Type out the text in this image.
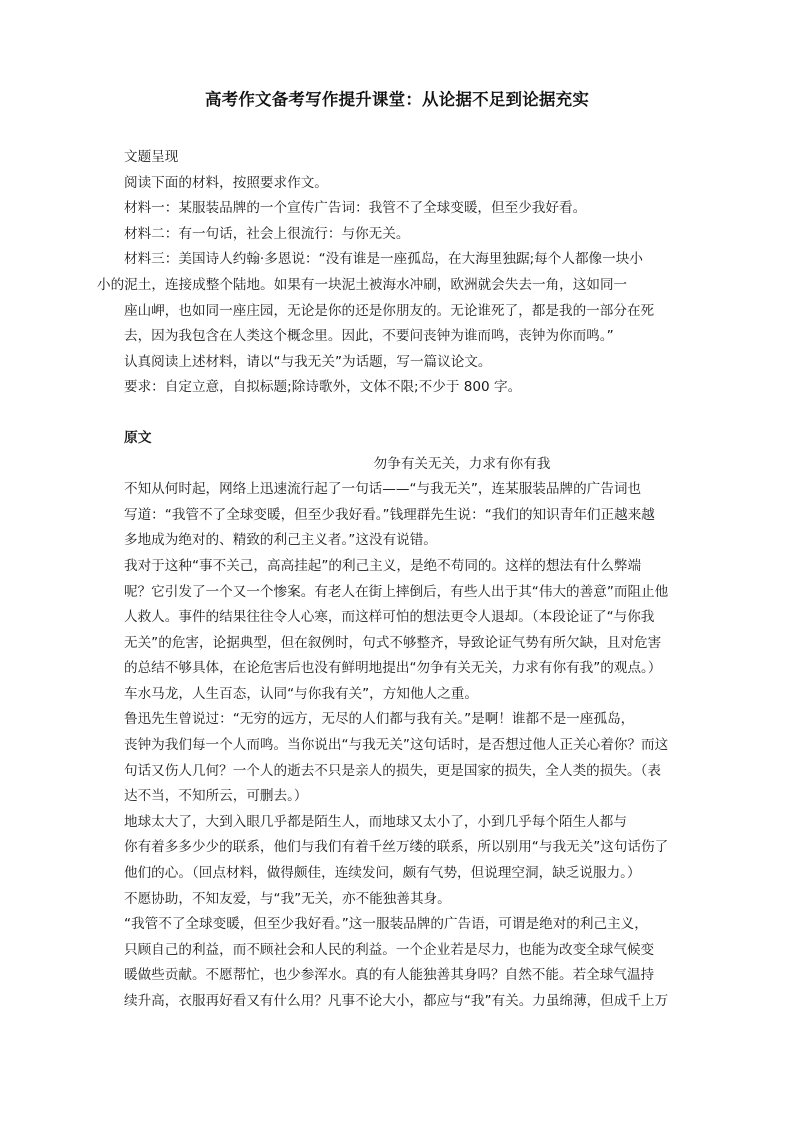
高考作文备考写作提升课堂：从论据不足到论据充实

文题呈现

阅读下面的材料，按照要求作文。

材料一：某服装品牌的一个宣传广告词：我管不了全球变暖，但至少我好看。

材料二：有一句话，社会上很流行：与你无关。

材料三：美国诗人约翰·多恩说：“没有谁是一座孤岛，在大海里独踞;每个人都像一块小

小的泥土，连接成整个陆地。如果有一块泥土被海水冲刷，欧洲就会失去一角，这如同一

座山岬，也如同一座庄园，无论是你的还是你朋友的。无论谁死了，都是我的一部分在死

去，因为我包含在人类这个概念里。因此，不要问丧钟为谁而鸣，丧钟为你而鸣。”

认真阅读上述材料，请以“与我无关”为话题，写一篇议论文。

要求：自定立意，自拟标题;除诗歌外，文体不限;不少于 800 字。

原文

勿争有关无关，力求有你有我

不知从何时起，网络上迅速流行起了一句话——“与我无关”，连某服装品牌的广告词也

写道：“我管不了全球变暖，但至少我好看。”钱理群先生说：“我们的知识青年们正越来越

多地成为绝对的、精致的利己主义者。”这没有说错。

我对于这种“事不关己，高高挂起”的利己主义，是绝不苟同的。这样的想法有什么弊端

呢？它引发了一个又一个惨案。有老人在街上摔倒后，有些人出于其“伟大的善意”而阻止他

人救人。事件的结果往往令人心寒，而这样可怕的想法更令人退却。（本段论证了“与你我

无关”的危害，论据典型，但在叙例时，句式不够整齐，导致论证气势有所欠缺，且对危害

的总结不够具体，在论危害后也没有鲜明地提出“勿争有关无关，力求有你有我”的观点。）

车水马龙，人生百态，认同“与你我有关”，方知他人之重。

鲁迅先生曾说过：“无穷的远方，无尽的人们都与我有关。”是啊！谁都不是一座孤岛，

丧钟为我们每一个人而鸣。当你说出“与我无关”这句话时，是否想过他人正关心着你？而这

句话又伤人几何？一个人的逝去不只是亲人的损失，更是国家的损失，全人类的损失。（表

达不当，不知所云，可删去。）

地球太大了，大到入眼几乎都是陌生人，而地球又太小了，小到几乎每个陌生人都与

你有着多多少少的联系，他们与我们有着千丝万缕的联系，所以别用“与我无关”这句话伤了

他们的心。（回点材料，做得颇佳，连续发问，颇有气势，但说理空洞，缺乏说服力。）

不愿协助，不知友爱，与“我”无关，亦不能独善其身。

“我管不了全球变暖，但至少我好看。”这一服装品牌的广告语，可谓是绝对的利己主义，

只顾自己的利益，而不顾社会和人民的利益。一个企业若是尽力，也能为改变全球气候变

暖做些贡献。不愿帮忙，也少参浑水。真的有人能独善其身吗？自然不能。若全球气温持

续升高，衣服再好看又有什么用？凡事不论大小，都应与“我”有关。力虽绵薄，但成千上万
